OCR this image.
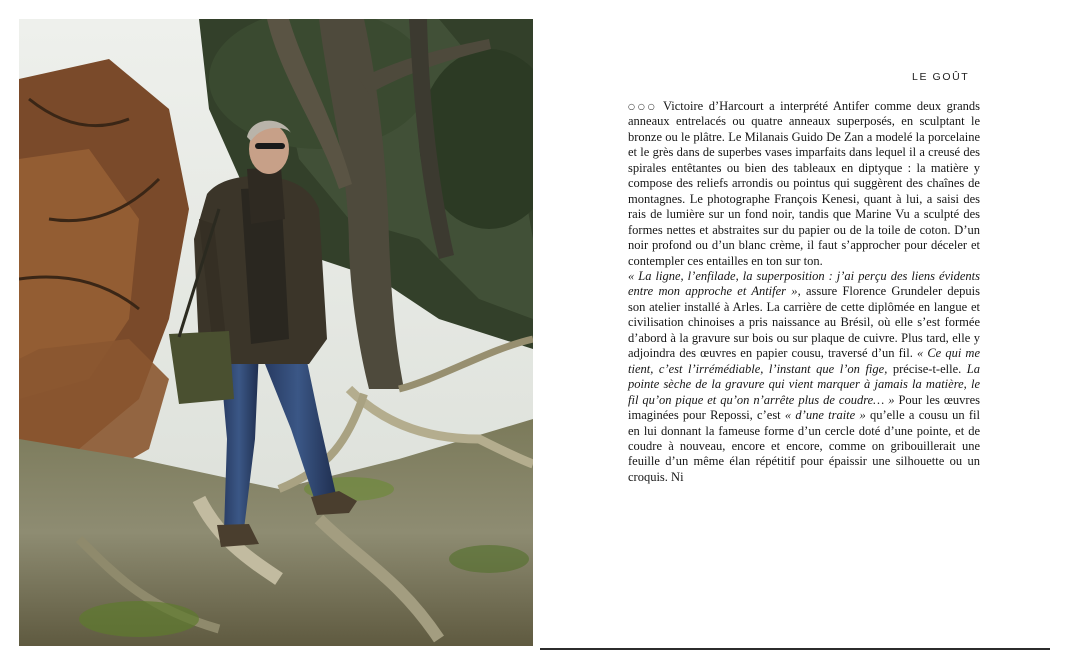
LE GOÛT

○○○ Victoire d’Harcourt a interprété Antifer comme deux grands anneaux entrelacés ou quatre anneaux superposés, en sculptant le bronze ou le plâtre. Le Milanais Guido De Zan a modelé la porcelaine et le grès dans de superbes vases imparfaits dans lequel il a creusé des spirales entêtantes ou bien des tableaux en diptyque : la matière y compose des reliefs arrondis ou pointus qui suggèrent des chaînes de montagnes. Le photographe François Kenesi, quant à lui, a saisi des rais de lumière sur un fond noir, tandis que Marine Vu a sculpté des formes nettes et abstraites sur du papier ou de la toile de coton. D’un noir profond ou d’un blanc crème, il faut s’approcher pour déceler et contempler ces entailles en ton sur ton.

« La ligne, l’enfilade, la superposition : j’ai perçu des liens évidents entre mon approche et Antifer », assure Florence Grundeler depuis son atelier installé à Arles. La carrière de cette diplômée en langue et civilisation chinoises a pris naissance au Brésil, où elle s’est formée d’abord à la gravure sur bois ou sur plaque de cuivre. Plus tard, elle y adjoindra des œuvres en papier cousu, traversé d’un fil. « Ce qui me tient, c’est l’irrémédiable, l’instant que l’on fige, précise-t-elle. La pointe sèche de la gravure qui vient marquer à jamais la matière, le fil qu’on pique et qu’on n’arrête plus de coudre… » Pour les œuvres imaginées pour Repossi, c’est « d’une traite » qu’elle a cousu un fil en lui donnant la fameuse forme d’un cercle doté d’une pointe, et de coudre à nouveau, encore et encore, comme on gribouillerait une feuille d’un même élan répétitif pour épaissir une silhouette ou un croquis. Ni
